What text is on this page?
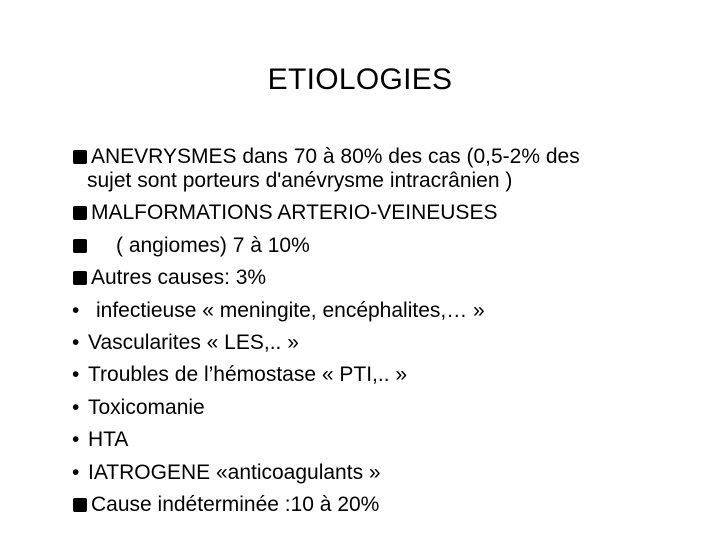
ETIOLOGIES
ANEVRYSMES dans 70 à 80% des cas (0,5-2% des
sujet sont porteurs d'anévrysme intracrânien )
MALFORMATIONS ARTERIO-VEINEUSES
( angiomes) 7 à 10%
Autres causes: 3%
• infectieuse « meningite, encéphalites,… »
• Vascularites « LES,.. »
• Troubles de l’hémostase « PTI,.. »
• Toxicomanie
• HTA
• IATROGENE «anticoagulants »
Cause indéterminée :10 à 20%
